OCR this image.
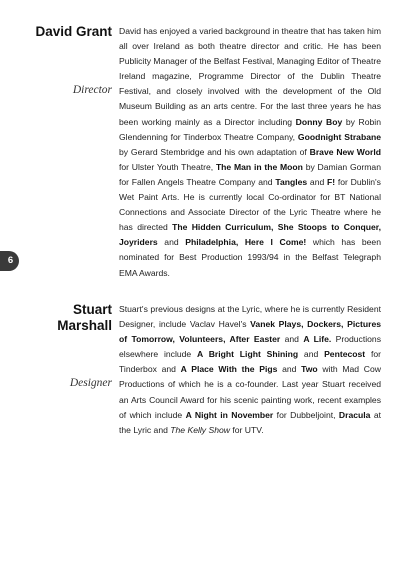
David Grant
Director
David has enjoyed a varied background in theatre that has taken him all over Ireland as both theatre director and critic. He has been Publicity Manager of the Belfast Festival, Managing Editor of Theatre Ireland magazine, Programme Director of the Dublin Theatre Festival, and closely involved with the development of the Old Museum Building as an arts centre. For the last three years he has been working mainly as a Director including Donny Boy by Robin Glendenning for Tinderbox Theatre Company, Goodnight Strabane by Gerard Stembridge and his own adaptation of Brave New World for Ulster Youth Theatre, The Man in the Moon by Damian Gorman for Fallen Angels Theatre Company and Tangles and F! for Dublin's Wet Paint Arts. He is currently local Co-ordinator for BT National Connections and Associate Director of the Lyric Theatre where he has directed The Hidden Curriculum, She Stoops to Conquer, Joyriders and Philadelphia, Here I Come! which has been nominated for Best Production 1993/94 in the Belfast Telegraph EMA Awards.
6
Stuart
Marshall
Designer
Stuart's previous designs at the Lyric, where he is currently Resident Designer, include Vaclav Havel's Vanek Plays, Dockers, Pictures of Tomorrow, Volunteers, After Easter and A Life. Productions elsewhere include A Bright Light Shining and Pentecost for Tinderbox and A Place With the Pigs and Two with Mad Cow Productions of which he is a co-founder. Last year Stuart received an Arts Council Award for his scenic painting work, recent examples of which include A Night in November for Dubbeljoint, Dracula at the Lyric and The Kelly Show for UTV.
